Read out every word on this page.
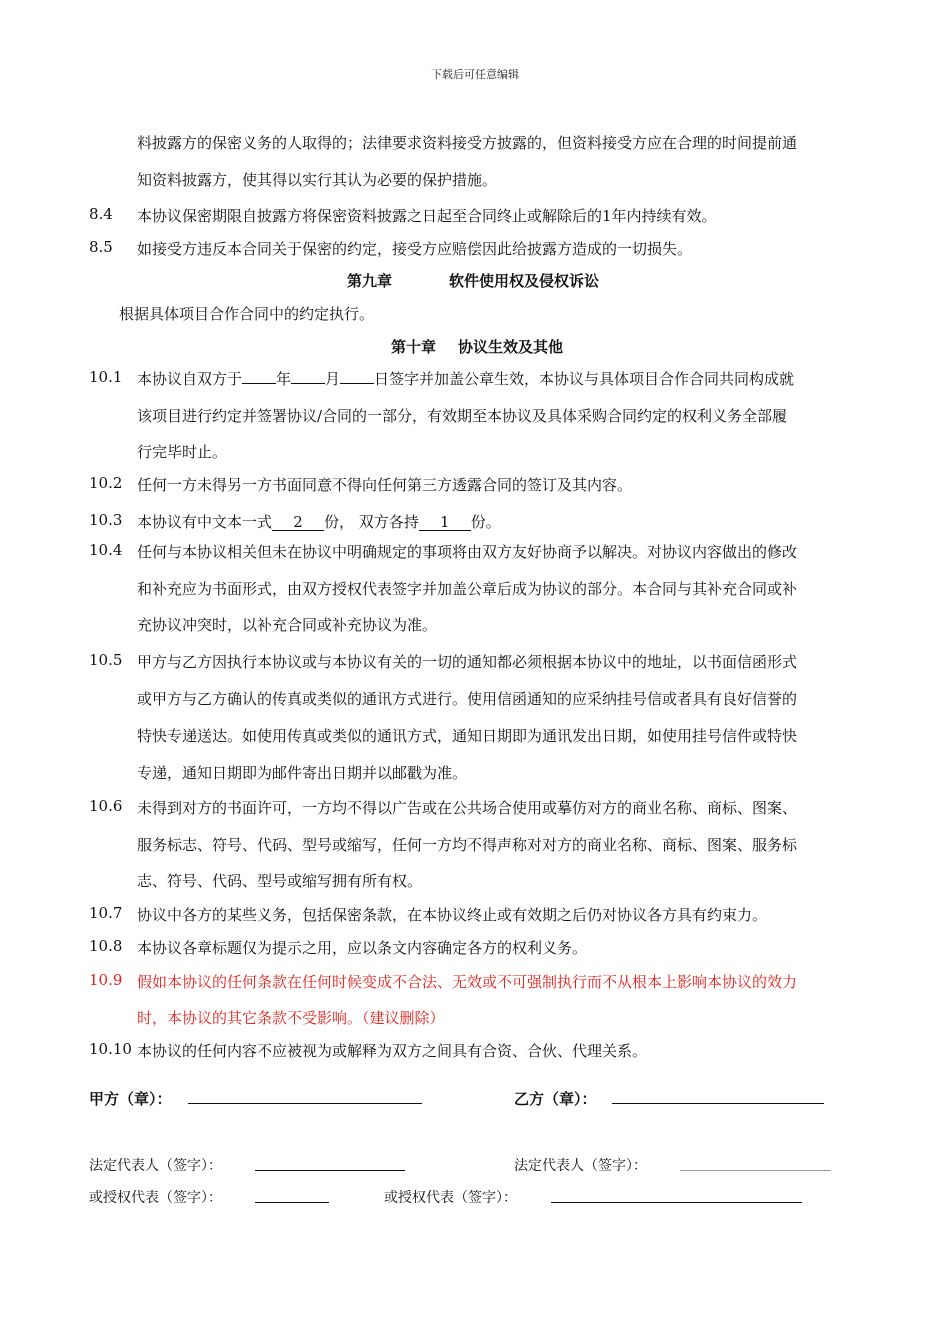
下载后可任意编辑
料披露方的保密义务的人取得的；法律要求资料接受方披露的，但资料接受方应在合理的时间提前通
知资料披露方，使其得以实行其认为必要的保护措施。
8.4 本协议保密期限自披露方将保密资料披露之日起至合同终止或解除后的1年内持续有效。
8.5 如接受方违反本合同关于保密的约定，接受方应赔偿因此给披露方造成的一切损失。
第九章	软件使用权及侵权诉讼
根据具体项目合作合同中的约定执行。
第十章 协议生效及其他
10.1 本协议自双方于 年 月 日签字并加盖公章生效，本协议与具体项目合作合同共同构成就
该项目进行约定并签署协议/合同的一部分，有效期至本协议及具体采购合同约定的权利义务全部履
行完毕时止。
10.2 任何一方未得另一方书面同意不得向任何第三方透露合同的签订及其内容。
10.3 本协议有中文本一式 2 份， 双方各持 1 份。
10.4 任何与本协议相关但未在协议中明确规定的事项将由双方友好协商予以解决。对协议内容做出的修改
和补充应为书面形式，由双方授权代表签字并加盖公章后成为协议的部分。本合同与其补充合同或补
充协议冲突时，以补充合同或补充协议为准。
10.5 甲方与乙方因执行本协议或与本协议有关的一切的通知都必须根据本协议中的地址，以书面信函形式
或甲方与乙方确认的传真或类似的通讯方式进行。使用信函通知的应采纳挂号信或者具有良好信誉的
特快专递送达。如使用传真或类似的通讯方式，通知日期即为通讯发出日期，如使用挂号信件或特快
专递，通知日期即为邮件寄出日期并以邮戳为准。
10.6 未得到对方的书面许可，一方均不得以广告或在公共场合使用或摹仿对方的商业名称、商标、图案、
服务标志、符号、代码、型号或缩写，任何一方均不得声称对对方的商业名称、商标、图案、服务标
志、符号、代码、型号或缩写拥有所有权。
10.7 协议中各方的某些义务，包括保密条款，在本协议终止或有效期之后仍对协议各方具有约束力。
10.8 本协议各章标题仅为提示之用，应以条文内容确定各方的权利义务。
10.9 假如本协议的任何条款在任何时候变成不合法、无效或不可强制执行而不从根本上影响本协议的效力
时，本协议的其它条款不受影响。（建议删除）
10.10 本协议的任何内容不应被视为或解释为双方之间具有合资、合伙、代理关系。
甲方（章）：	乙方（章）：
法定代表人（签字）：	法定代表人（签字）：
或授权代表（签字）：	或授权代表（签字）：
